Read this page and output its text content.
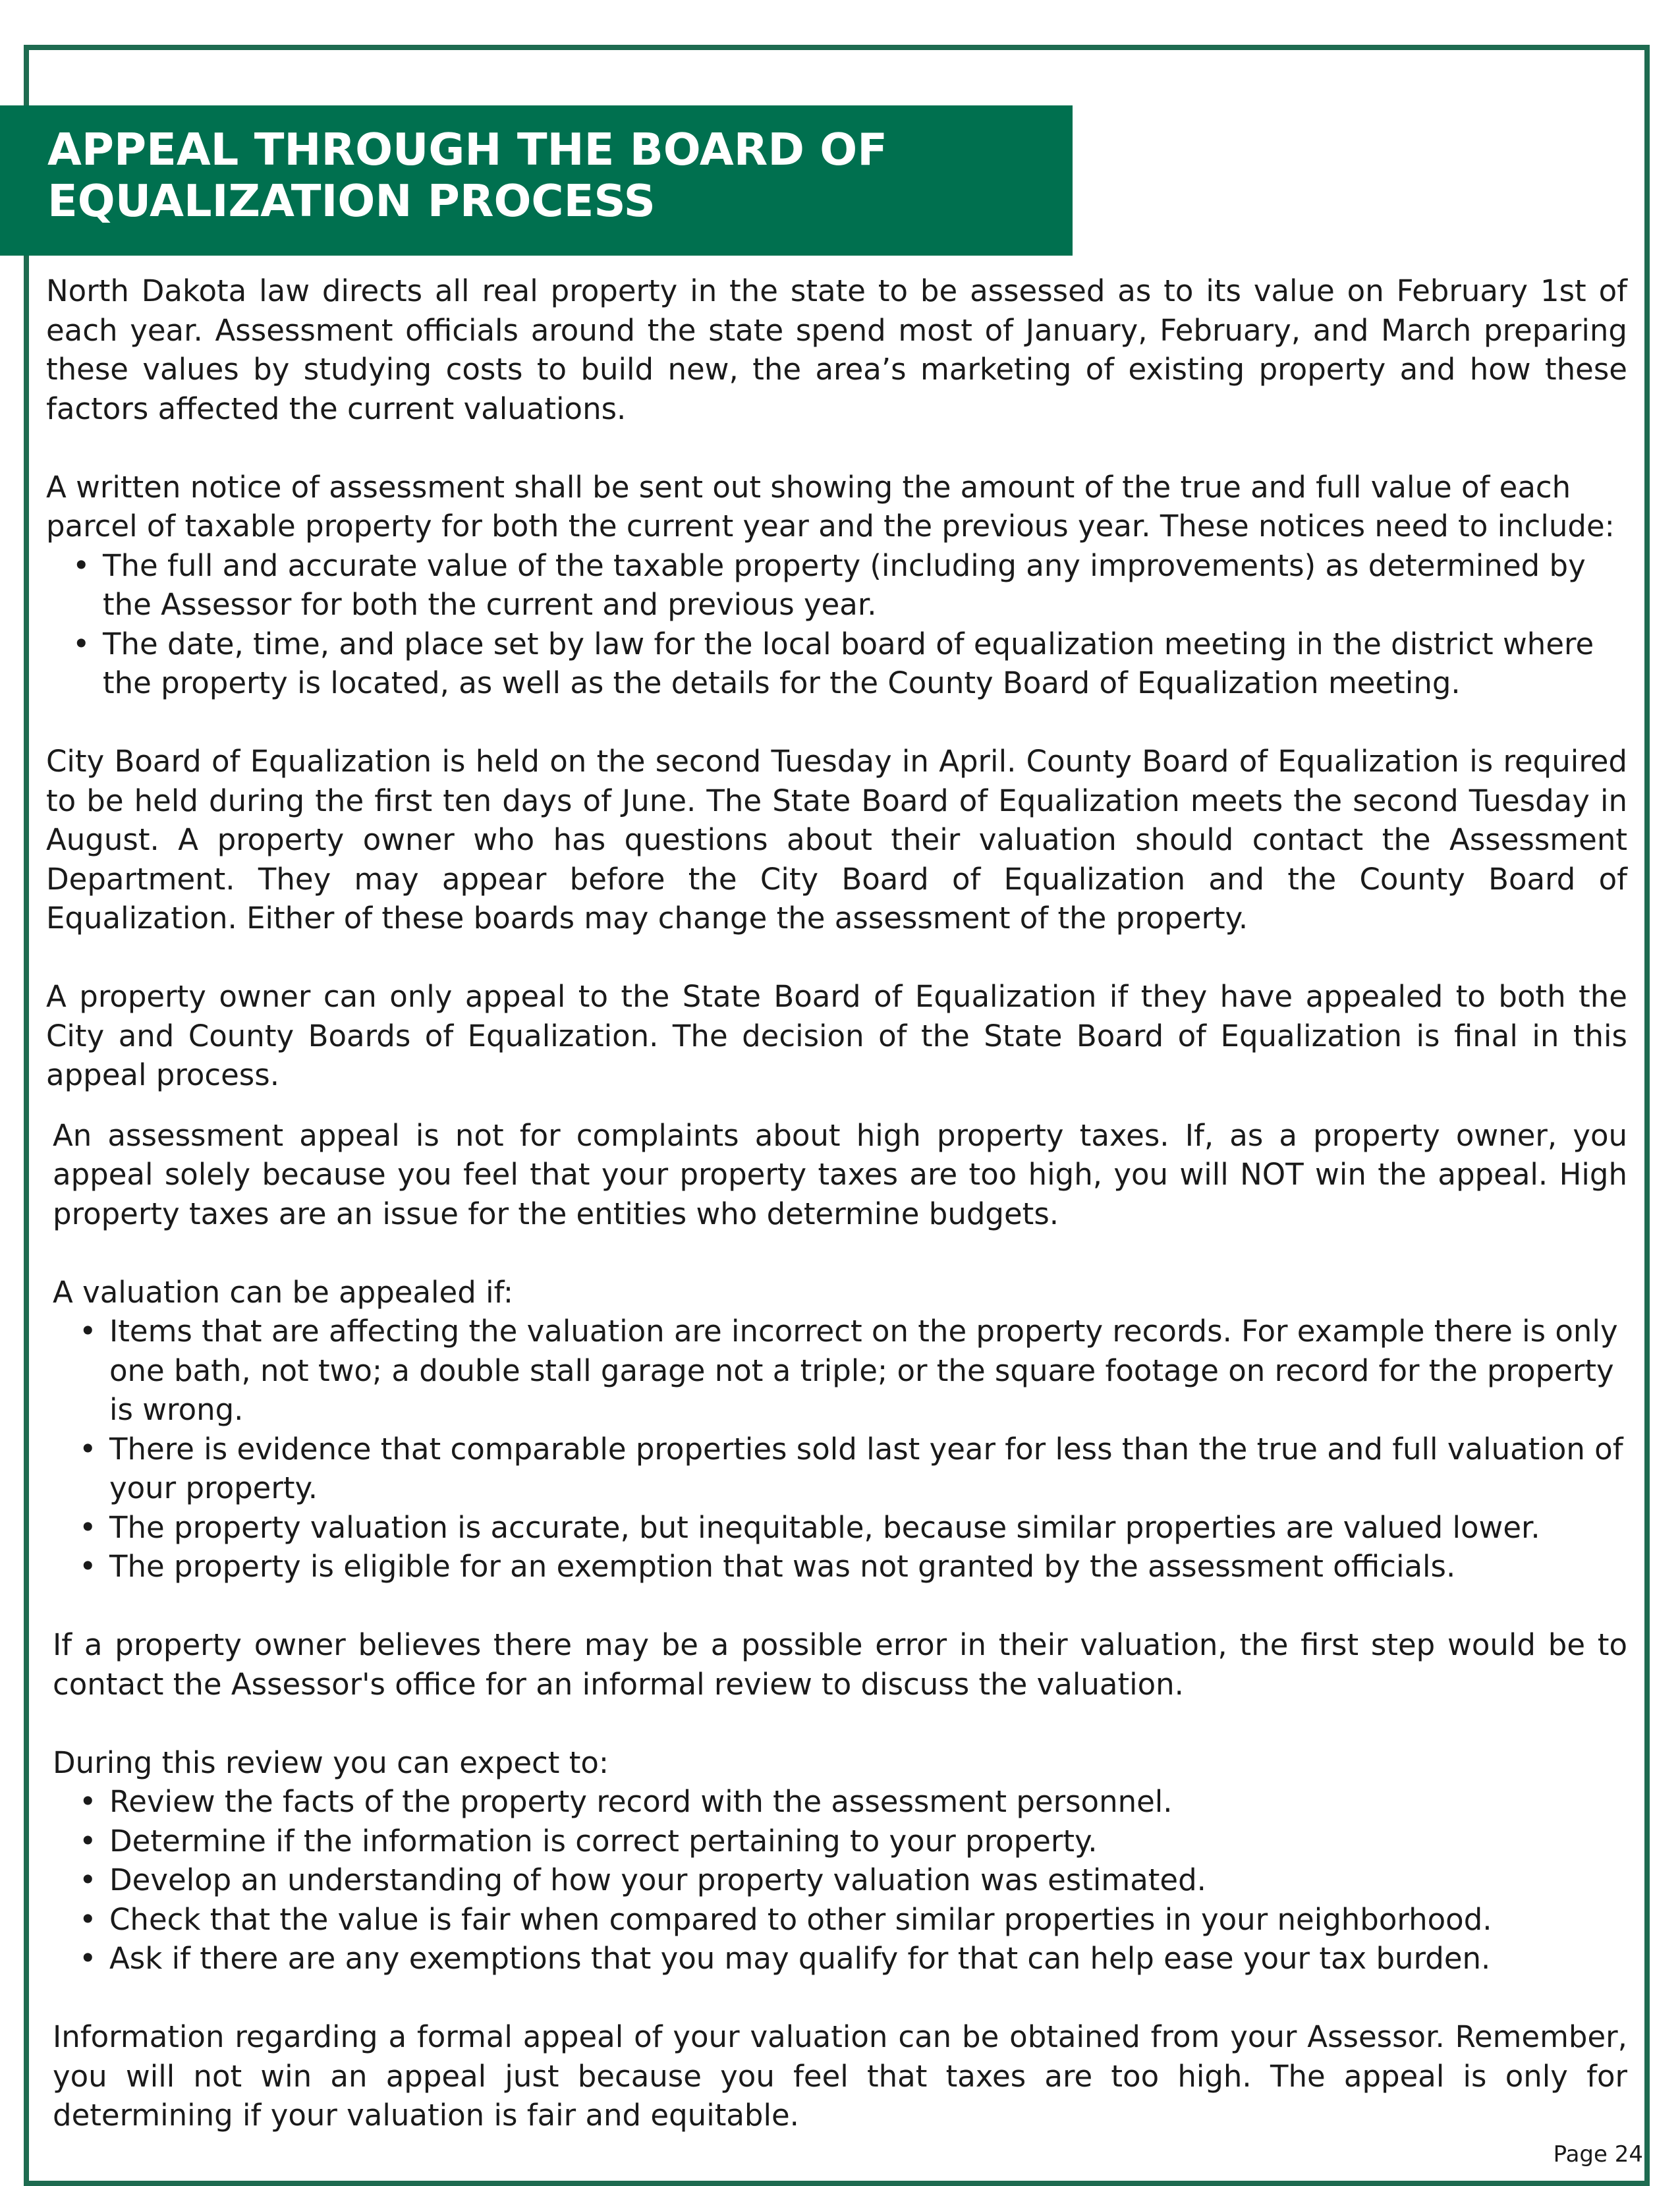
APPEAL THROUGH THE BOARD OF EQUALIZATION PROCESS

North Dakota law directs all real property in the state to be assessed as to its value on February 1st of each year. Assessment officials around the state spend most of January, February, and March preparing these values by studying costs to build new, the area’s marketing of existing property and how these factors affected the current valuations.

A written notice of assessment shall be sent out showing the amount of the true and full value of each parcel of taxable property for both the current year and the previous year. These notices need to include:

• The full and accurate value of the taxable property (including any improvements) as determined by the Assessor for both the current and previous year.
• The date, time, and place set by law for the local board of equalization meeting in the district where the property is located, as well as the details for the County Board of Equalization meeting.

City Board of Equalization is held on the second Tuesday in April. County Board of Equalization is required to be held during the first ten days of June. The State Board of Equalization meets the second Tuesday in August. A property owner who has questions about their valuation should contact the Assessment Department. They may appear before the City Board of Equalization and the County Board of Equalization. Either of these boards may change the assessment of the property.

A property owner can only appeal to the State Board of Equalization if they have appealed to both the City and County Boards of Equalization. The decision of the State Board of Equalization is final in this appeal process.

An assessment appeal is not for complaints about high property taxes. If, as a property owner, you appeal solely because you feel that your property taxes are too high, you will NOT win the appeal. High property taxes are an issue for the entities who determine budgets.

A valuation can be appealed if:

• Items that are affecting the valuation are incorrect on the property records. For example there is only one bath, not two; a double stall garage not a triple; or the square footage on record for the property is wrong.
• There is evidence that comparable properties sold last year for less than the true and full valuation of your property.
• The property valuation is accurate, but inequitable, because similar properties are valued lower.
• The property is eligible for an exemption that was not granted by the assessment officials.

If a property owner believes there may be a possible error in their valuation, the first step would be to contact the Assessor's office for an informal review to discuss the valuation.

During this review you can expect to:

• Review the facts of the property record with the assessment personnel.
• Determine if the information is correct pertaining to your property.
• Develop an understanding of how your property valuation was estimated.
• Check that the value is fair when compared to other similar properties in your neighborhood.
• Ask if there are any exemptions that you may qualify for that can help ease your tax burden.

Information regarding a formal appeal of your valuation can be obtained from your Assessor. Remember, you will not win an appeal just because you feel that taxes are too high. The appeal is only for determining if your valuation is fair and equitable.

Page 24
